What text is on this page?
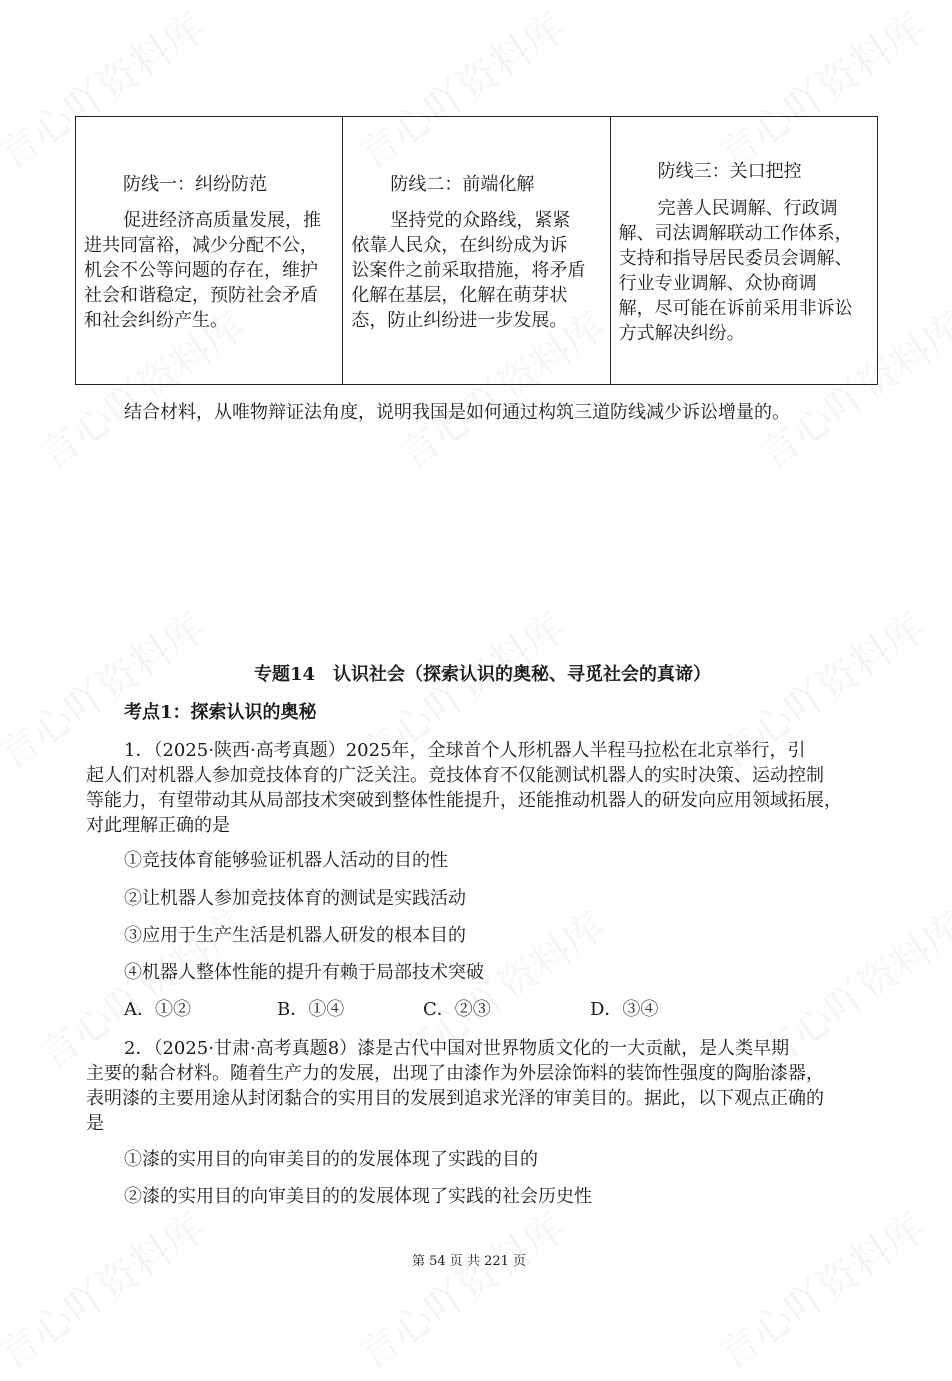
防线一：纠纷防范
促进经济高质量发展，推
进共同富裕，减少分配不公，
机会不公等问题的存在，维护
社会和谐稳定，预防社会矛盾
和社会纠纷产生。

防线二：前端化解
坚持党的众路线，紧紧
依靠人民众，在纠纷成为诉
讼案件之前采取措施，将矛盾
化解在基层，化解在萌芽状
态，防止纠纷进一步发展。

防线三：关口把控
完善人民调解、行政调
解、司法调解联动工作体系，
支持和指导居民委员会调解、
行业专业调解、众协商调
解，尽可能在诉前采用非诉讼
方式解决纠纷。
结合材料，从唯物辩证法角度，说明我国是如何通过构筑三道防线减少诉讼增量的。
专题14　认识社会（探索认识的奥秘、寻觅社会的真谛）
考点1：探索认识的奥秘
1．（2025·陕西·高考真题）2025年，全球首个人形机器人半程马拉松在北京举行，引
起人们对机器人参加竞技体育的广泛关注。竞技体育不仅能测试机器人的实时决策、运动控制
等能力，有望带动其从局部技术突破到整体性能提升，还能推动机器人的研发向应用领域拓展，
对此理解正确的是
①竞技体育能够验证机器人活动的目的性
②让机器人参加竞技体育的测试是实践活动
③应用于生产生活是机器人研发的根本目的
④机器人整体性能的提升有赖于局部技术突破
A．①②	B．①④	C．②③	D．③④
2．（2025·甘肃·高考真题8）漆是古代中国对世界物质文化的一大贡献，是人类早期
主要的黏合材料。随着生产力的发展，出现了由漆作为外层涂饰料的装饰性强度的陶胎漆器，
表明漆的主要用途从封闭黏合的实用目的发展到追求光泽的审美目的。据此，以下观点正确的
是
①漆的实用目的向审美目的的发展体现了实践的目的
②漆的实用目的向审美目的的发展体现了实践的社会历史性
第 54 页 共 221 页
